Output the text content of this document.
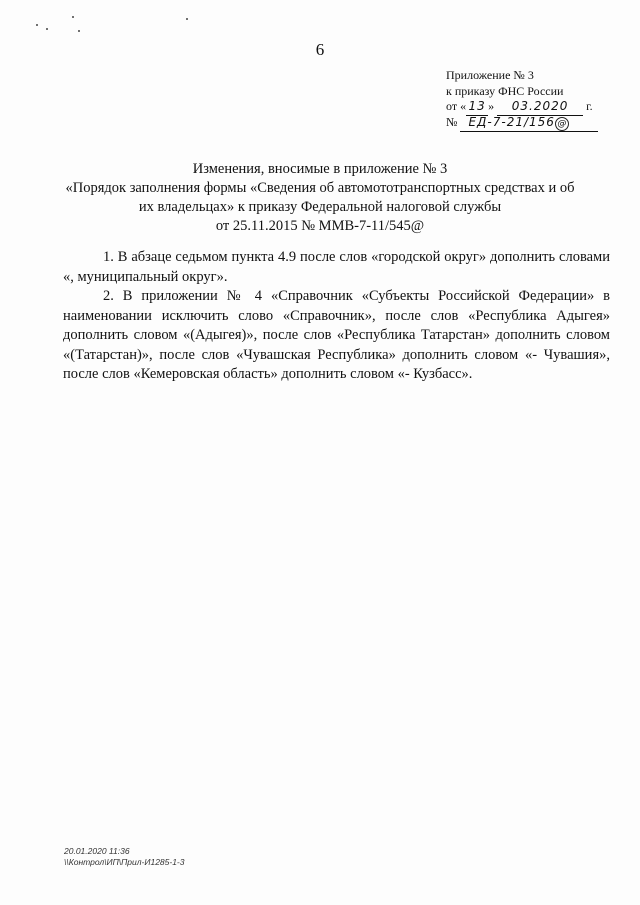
6
Приложение № 3
к приказу ФНС России
от « 13 » 03.2020 г.
№ ЕД-7-21/156 @
Изменения, вносимые в приложение № 3
«Порядок заполнения формы «Сведения об автомототранспортных средствах и об
их владельцах» к приказу Федеральной налоговой службы
от 25.11.2015 № ММВ-7-11/545@

1. В абзаце седьмом пункта 4.9 после слов «городской округ» дополнить словами «, муниципальный округ».

2. В приложении № 4 «Справочник «Субъекты Российской Федерации» в наименовании исключить слово «Справочник», после слов «Республика Адыгея» дополнить словом «(Адыгея)», после слов «Республика Татарстан» дополнить словом «(Татарстан)», после слов «Чувашская Республика» дополнить словом «- Чувашия», после слов «Кемеровская область» дополнить словом «- Кузбасс».

20.01.2020 11:36
\\Контрол\ИП\Прил-И1285-1-3
